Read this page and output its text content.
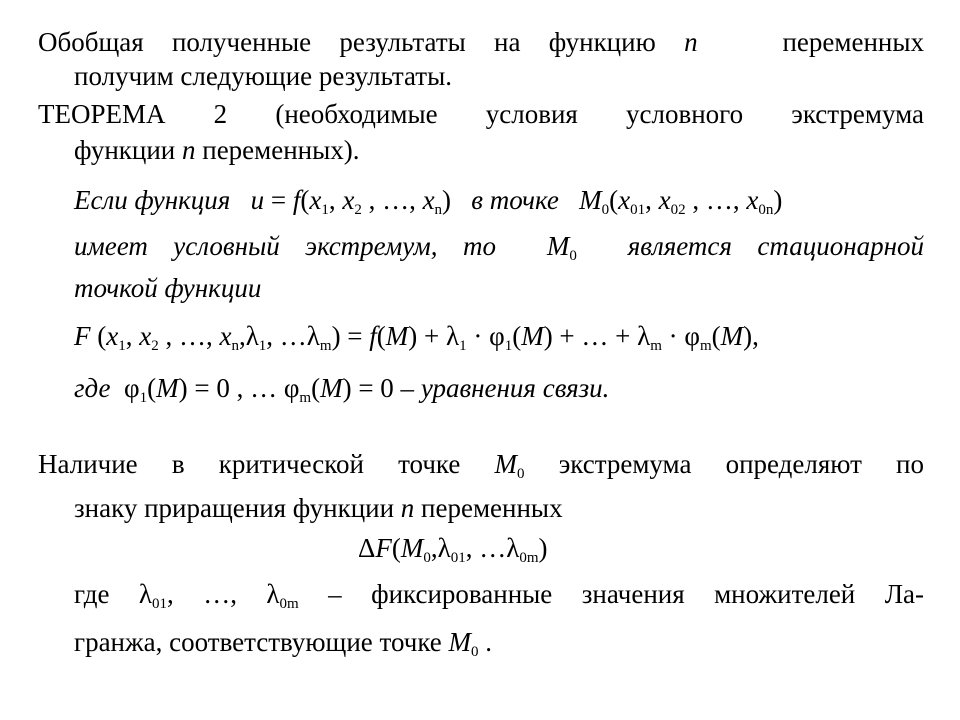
Обобщая полученные результаты на функцию n   переменных
получим следующие результаты.
ТЕОРЕМА 2 (необходимые условия условного экстремума
функции n переменных).
Если функция   $u = f(x_1$, $x_2$ , …, $x_n$)   в точке $M_0(x_{01}$, $x_{02}$ , …, $x_{0n}$)
имеет условный экстремум, то $M_0$ является стационарной
точкой функции
F ($x_1$, $x_2$ , …, $x_n,\lambda_1$, $\dots\lambda_m) = f(M) + \lambda_1 \cdot \varphi_1(M)$ + … + $\lambda_m \cdot \varphi_m(M)$,
где  $\varphi_1(M) = 0$ , … $\varphi_m(M) = 0$ – уравнения связи.
Наличие в критической точке $M_0$ экстремума определяют по
знаку приращения функции n переменных
$\Delta F(M_0,\lambda_{01}$, $\dots\lambda_{0m}$)
где $\lambda_{01}$, …, $\lambda_{0m}$ – фиксированные значения множителей Ла-
гранжа, соответствующие точке $M_0$ .
